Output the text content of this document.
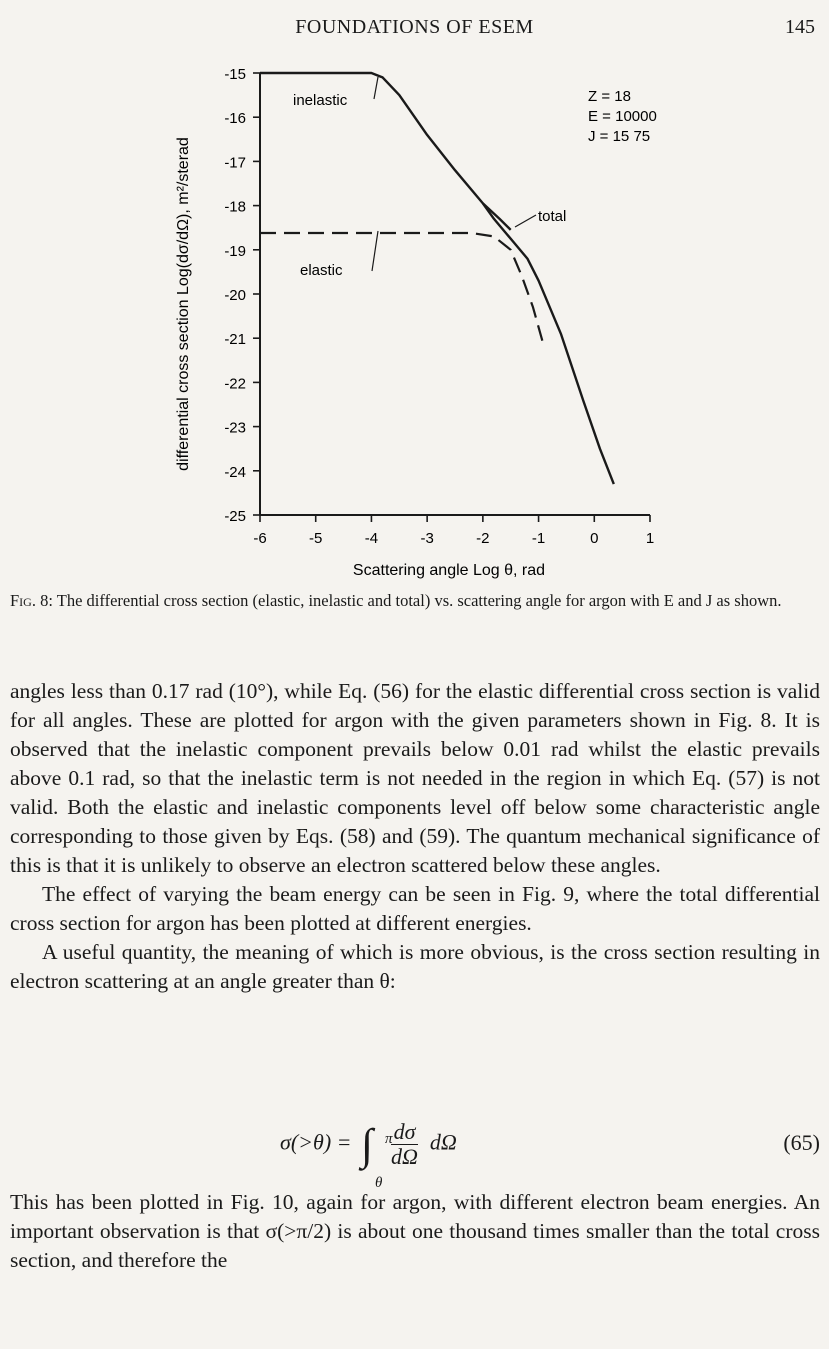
FOUNDATIONS OF ESEM	145
-15
-16
-17
-18
-19
-20
-21
-22
-23
-24
-25
-6	-5	-4	-3	-2	-1	0	1
Scattering angle Log θ, rad
differential cross section Log(dσ/dΩ), m²/sterad
inelastic
elastic
total
Z = 18
E = 10000
J = 15 75
Fig. 8: The differential cross section (elastic, inelastic and total) vs. scattering angle for argon with E and J as shown.

angles less than 0.17 rad (10°), while Eq. (56) for the elastic differential cross section is valid for all angles. These are plotted for argon with the given parameters shown in Fig. 8. It is observed that the inelastic component prevails below 0.01 rad whilst the elastic prevails above 0.1 rad, so that the inelastic term is not needed in the region in which Eq. (57) is not valid. Both the elastic and inelastic components level off below some characteristic angle corresponding to those given by Eqs. (58) and (59). The quantum mechanical significance of this is that it is unlikely to observe an electron scattered below these angles.

The effect of varying the beam energy can be seen in Fig. 9, where the total differential cross section for argon has been plotted at different energies.

A useful quantity, the meaning of which is more obvious, is the cross section resulting in electron scattering at an angle greater than θ:

σ(>θ) = ∫ π
θ

$\frac{d\sigma}{d\Omega}$ dΩ	(65)

This has been plotted in Fig. 10, again for argon, with different electron beam energies. An important observation is that σ(>π/2) is about one thousand times smaller than the total cross section, and therefore the
